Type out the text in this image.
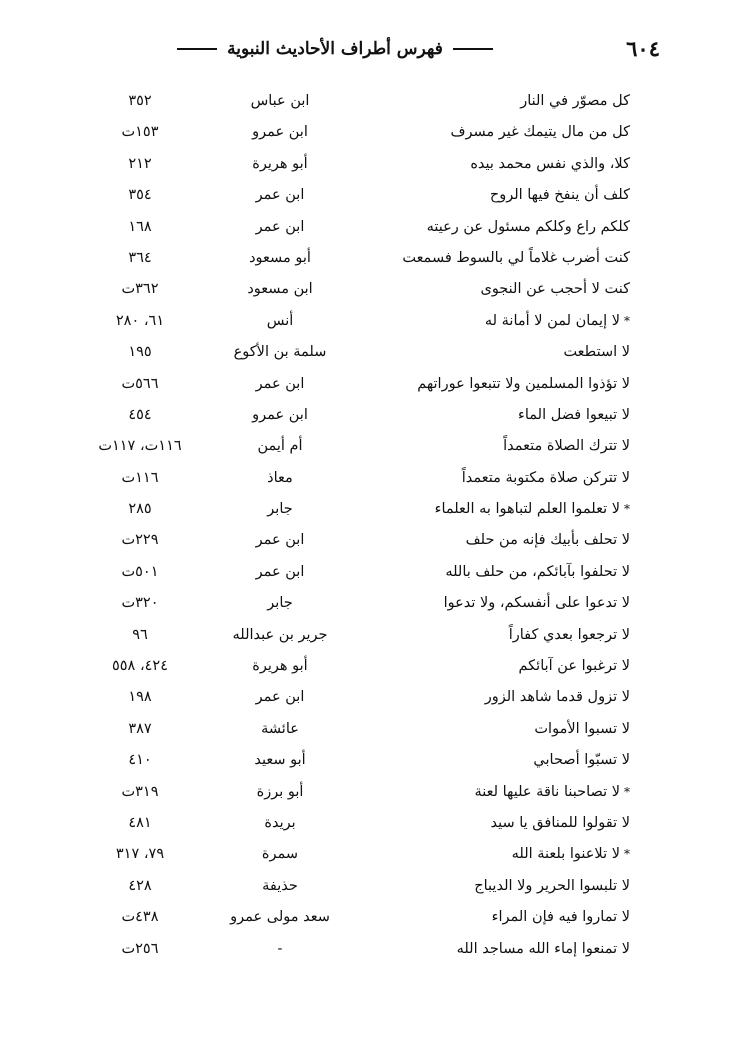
٦٠٤
فهرس أطراف الأحاديث النبوية
كل مصوّر في النار
ابن عباس
٣٥٢
كل من مال يتيمك غير مسرف
ابن عمرو
١٥٣ت
كلا، والذي نفس محمد بيده
أبو هريرة
٢١٢
كلف أن ينفخ فيها الروح
ابن عمر
٣٥٤
كلكم راع وكلكم مسئول عن رعيته
ابن عمر
١٦٨
كنت أضرب غلاماً لي بالسوط فسمعت
أبو مسعود
٣٦٤
كنت لا أحجب عن النجوى
ابن مسعود
٣٦٢ت
*لا إيمان لمن لا أمانة له
أنس
٦١، ٢٨٠
لا استطعت
سلمة بن الأكوع
١٩٥
لا تؤذوا المسلمين ولا تتبعوا عوراتهم
ابن عمر
٥٦٦ت
لا تبيعوا فضل الماء
ابن عمرو
٤٥٤
لا تترك الصلاة متعمداً
أم أيمن
١١٦ت، ١١٧ت
لا تتركن صلاة مكتوبة متعمداً
معاذ
١١٦ت
*لا تعلموا العلم لتباهوا به العلماء
جابر
٢٨٥
لا تحلف بأبيك فإنه من حلف
ابن عمر
٢٢٩ت
لا تحلفوا بآبائكم، من حلف بالله
ابن عمر
٥٠١ت
لا تدعوا على أنفسكم، ولا تدعوا
جابر
٣٢٠ت
لا ترجعوا بعدي كفاراً
جرير بن عبدالله
٩٦
لا ترغبوا عن آبائكم
أبو هريرة
٤٢٤، ٥٥٨
لا تزول قدما شاهد الزور
ابن عمر
١٩٨
لا تسبوا الأموات
عائشة
٣٨٧
لا تسبّوا أصحابي
أبو سعيد
٤١٠
*لا تصاحبنا ناقة عليها لعنة
أبو برزة
٣١٩ت
لا تقولوا للمنافق يا سيد
بريدة
٤٨١
*لا تلاعنوا بلعنة الله
سمرة
٧٩، ٣١٧
لا تلبسوا الحرير ولا الديباج
حذيفة
٤٢٨
لا تماروا فيه فإن المراء
سعد مولى عمرو
٤٣٨ت
لا تمنعوا إماء الله مساجد الله
-
٢٥٦ت
